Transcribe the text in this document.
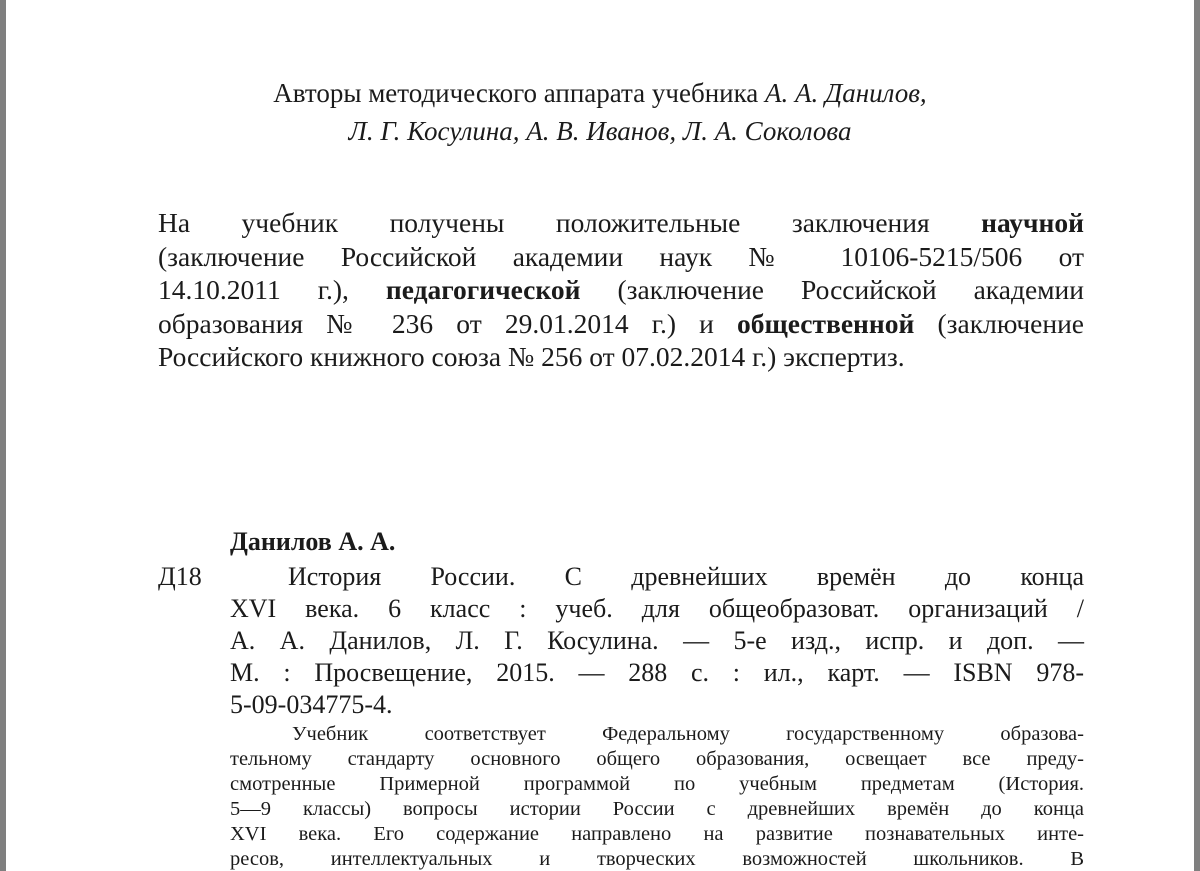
Авторы методического аппарата учебника А. А. Данилов,
Л. Г. Косулина, А. В. Иванов, Л. А. Соколова
На учебник получены положительные заключения научной
(заключение Российской академии наук № 10106-5215/506 от
14.10.2011 г.), педагогической (заключение Российской академии
образования № 236 от 29.01.2014 г.) и общественной (заключение
Российского книжного союза № 256 от 07.02.2014 г.) экспертиз.
Данилов А. А.
Д18	История России. С древнейших времён до конца
XVI века. 6 класс : учеб. для общеобразоват. организаций /
А. А. Данилов, Л. Г. Косулина. — 5-е изд., испр. и доп. —
М. : Просвещение, 2015. — 288 с. : ил., карт. — ISBN 978-
5-09-034775-4.
Учебник соответствует Федеральному государственному образова-
тельному стандарту основного общего образования, освещает все преду-
смотренные Примерной программой по учебным предметам (История.
5—9 классы) вопросы истории России с древнейших времён до конца
XVI века. Его содержание направлено на развитие познавательных инте-
ресов, интеллектуальных и творческих возможностей школьников. В
